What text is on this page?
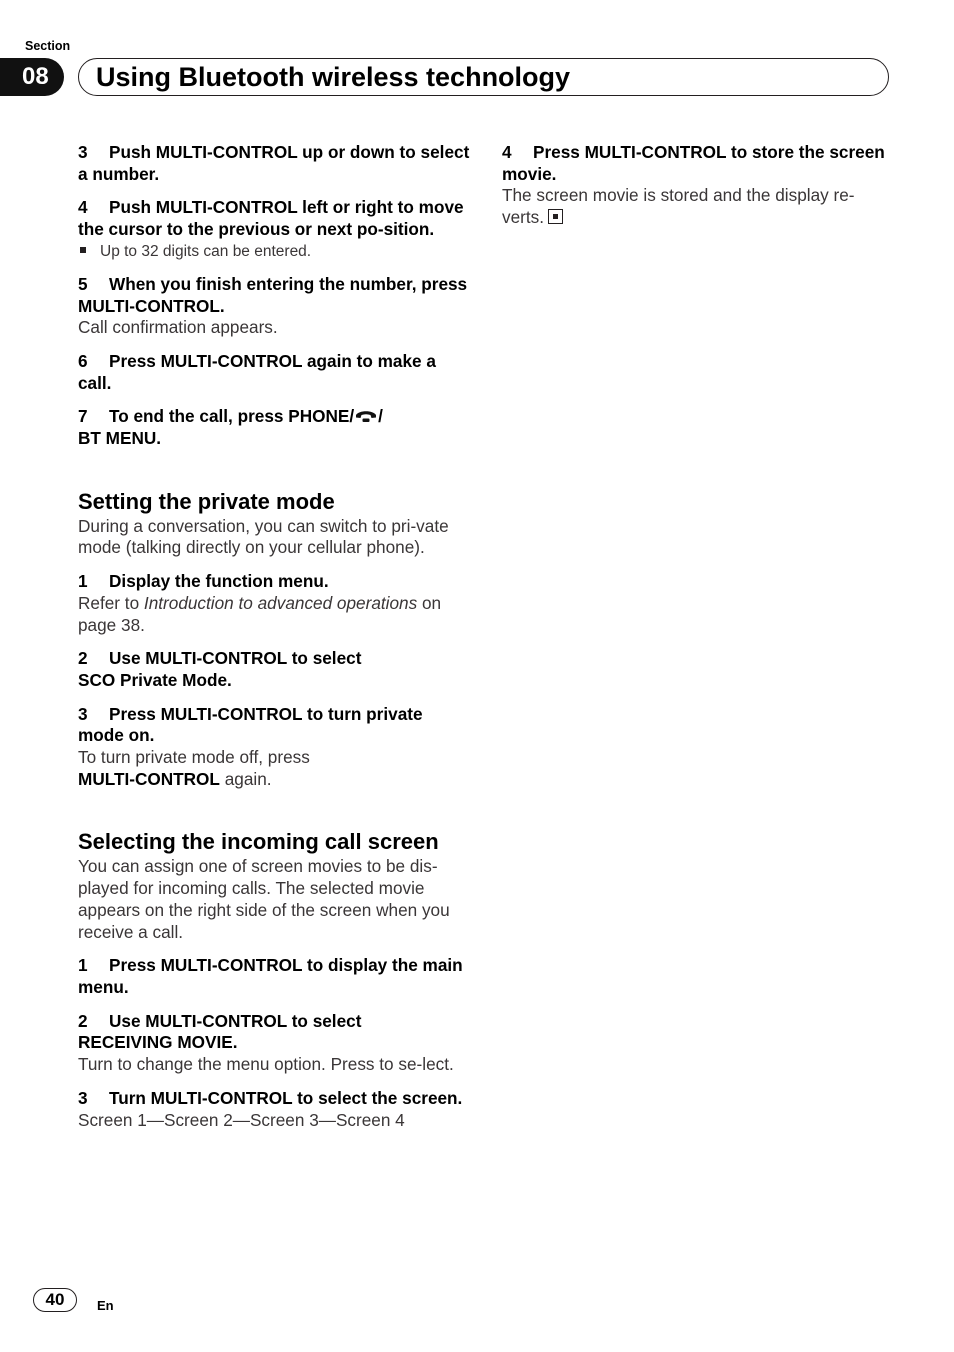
Section
08	Using Bluetooth wireless technology
3 Push MULTI-CONTROL up or down to select a number.
4 Push MULTI-CONTROL left or right to move the cursor to the previous or next po-sition.
Up to 32 digits can be entered.
5 When you finish entering the number, press MULTI-CONTROL.
Call confirmation appears.
6 Press MULTI-CONTROL again to make a call.
7 To end the call, press PHONE/ /
BT MENU.
Setting the private mode
During a conversation, you can switch to pri-vate mode (talking directly on your cellular phone).
1 Display the function menu.
Refer to Introduction to advanced operations on page 38.
2 Use MULTI-CONTROL to select
SCO Private Mode.
3 Press MULTI-CONTROL to turn private mode on.
To turn private mode off, press
MULTI-CONTROL again.
Selecting the incoming call screen
You can assign one of screen movies to be dis-played for incoming calls. The selected movie appears on the right side of the screen when you receive a call.
1 Press MULTI-CONTROL to display the main menu.
2 Use MULTI-CONTROL to select
RECEIVING MOVIE.
Turn to change the menu option. Press to se-lect.
3 Turn MULTI-CONTROL to select the screen.
Screen 1—Screen 2—Screen 3—Screen 4
4 Press MULTI-CONTROL to store the screen movie.
The screen movie is stored and the display re-verts.
40	En
